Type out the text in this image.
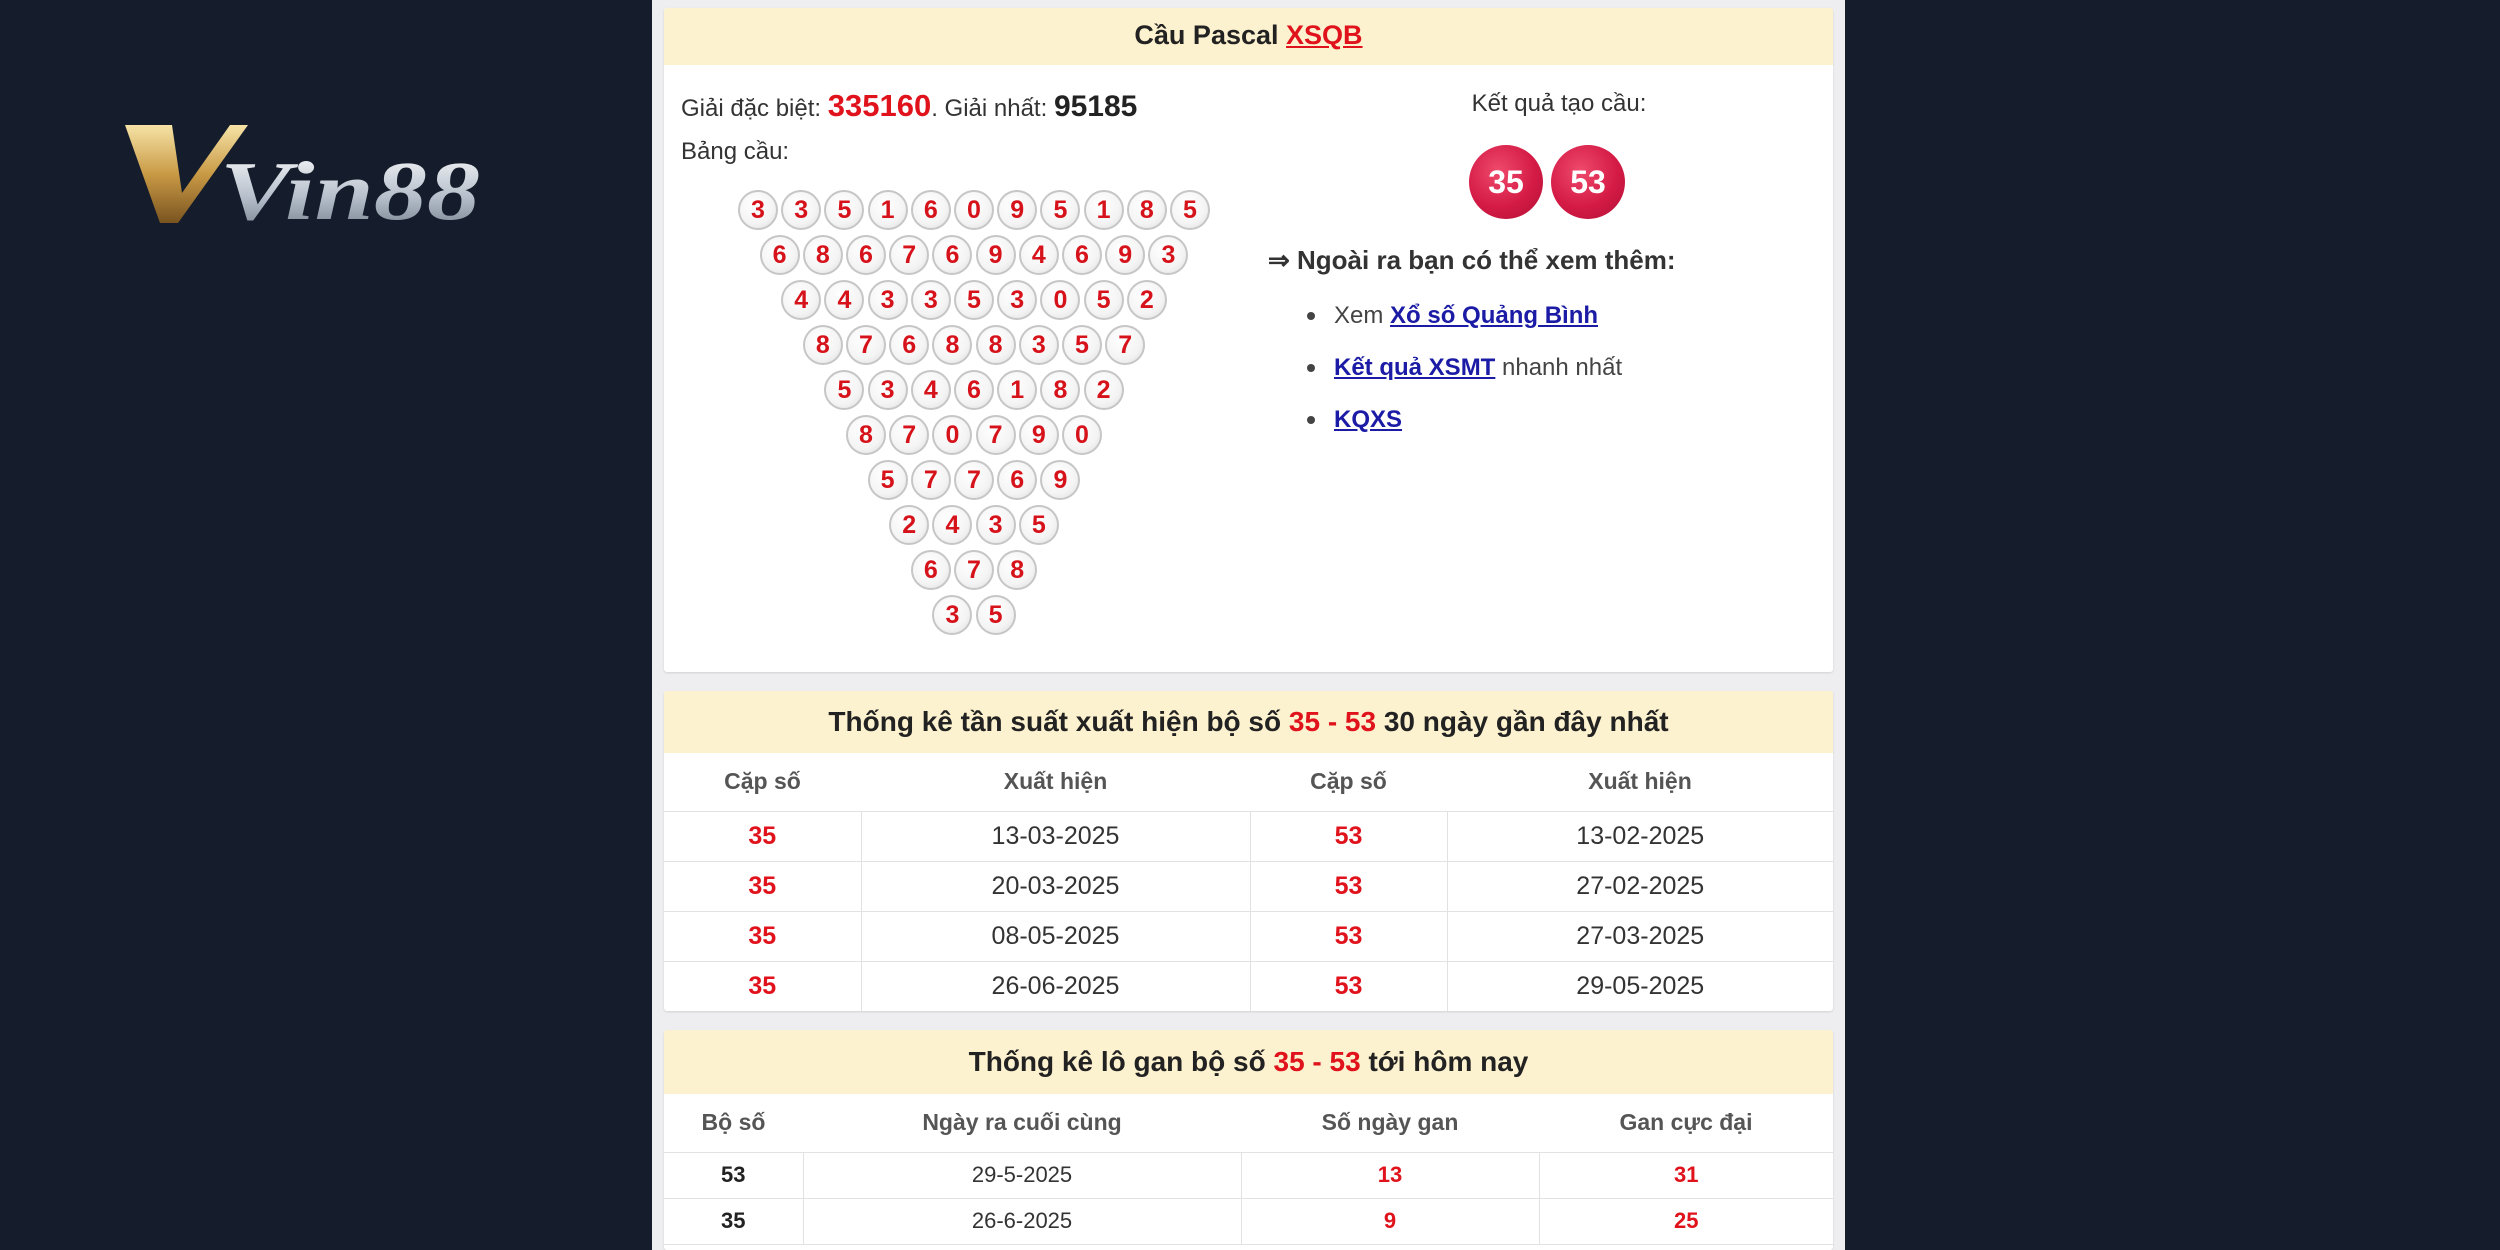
Vin88
Cầu Pascal XSQB
Giải đặc biệt: 335160. Giải nhất: 95185
Bảng cầu:
3	3	5	1	6	0	9	5	1	8	5
6	8	6	7	6	9	4	6	9	3
4	4	3	3	5	3	0	5	2
8	7	6	8	8	3	5	7
5	3	4	6	1	8	2
8	7	0	7	9	0
5	7	7	6	9
2	4	3	5
6	7	8
3	5
Kết quả tạo cầu:
35	53
⇒ Ngoài ra bạn có thể xem thêm:
Xem Xổ số Quảng Bình
Kết quả XSMT nhanh nhất
KQXS
Thống kê tần suất xuất hiện bộ số 35 - 53 30 ngày gần đây nhất
Cặp số	Xuất hiện	Cặp số	Xuất hiện
35	13-03-2025	53	13-02-2025
35	20-03-2025	53	27-02-2025
35	08-05-2025	53	27-03-2025
35	26-06-2025	53	29-05-2025
Thống kê lô gan bộ số 35 - 53 tới hôm nay
Bộ số	Ngày ra cuối cùng	Số ngày gan	Gan cực đại
53	29-5-2025	13	31
35	26-6-2025	9	25
